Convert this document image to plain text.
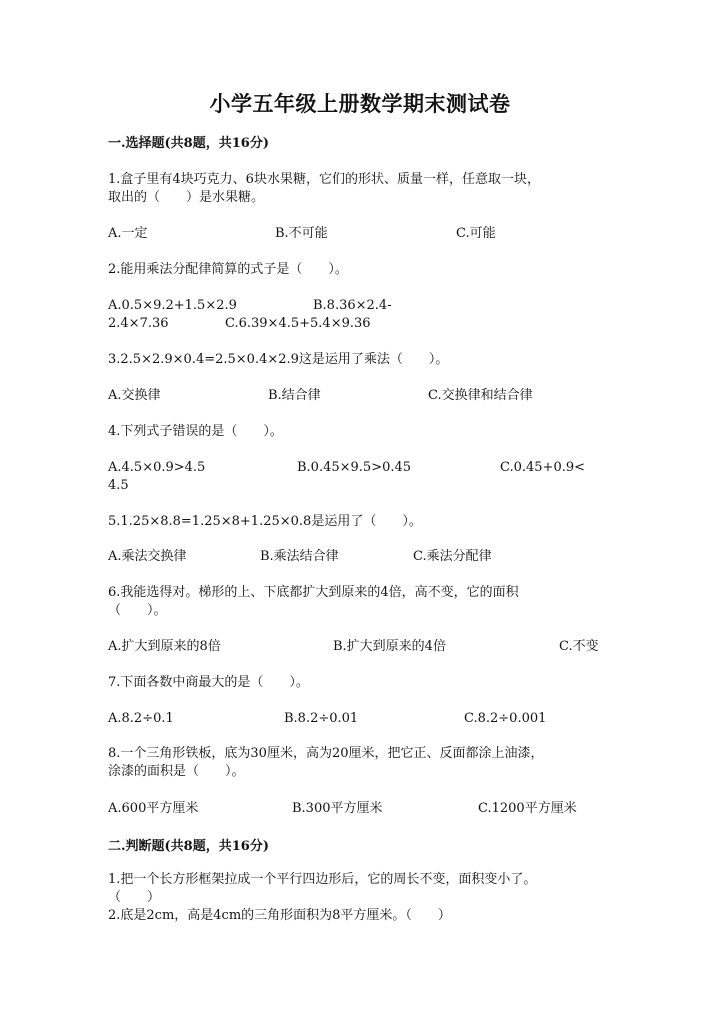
小学五年级上册数学期末测试卷
一.选择题(共8题，共16分)
1.盒子里有4块巧克力、6块水果糖，它们的形状、质量一样，任意取一块，
取出的（　　）是水果糖。
A.一定	B.不可能	C.可能
2.能用乘法分配律简算的式子是（　　）。
A.0.5×9.2+1.5×2.9	B.8.36×2.4-
2.4×7.36	C.6.39×4.5+5.4×9.36
3.2.5×2.9×0.4=2.5×0.4×2.9这是运用了乘法（　　）。
A.交换律	B.结合律	C.交换律和结合律
4.下列式子错误的是（　　）。
A.4.5×0.9>4.5	B.0.45×9.5>0.45	C.0.45+0.9<
4.5
5.1.25×8.8=1.25×8+1.25×0.8是运用了（　　）。
A.乘法交换律	B.乘法结合律	C.乘法分配律
6.我能选得对。梯形的上、下底都扩大到原来的4倍，高不变，它的面积
（　　）。
A.扩大到原来的8倍	B.扩大到原来的4倍	C.不变
7.下面各数中商最大的是（　　）。
A.8.2÷0.1	B.8.2÷0.01	C.8.2÷0.001
8.一个三角形铁板，底为30厘米，高为20厘米，把它正、反面都涂上油漆，
涂漆的面积是（　　）。
A.600平方厘米	B.300平方厘米	C.1200平方厘米
二.判断题(共8题，共16分)
1.把一个长方形框架拉成一个平行四边形后，它的周长不变，面积变小了。
（　　）
2.底是2cm，高是4cm的三角形面积为8平方厘米。（　　）
